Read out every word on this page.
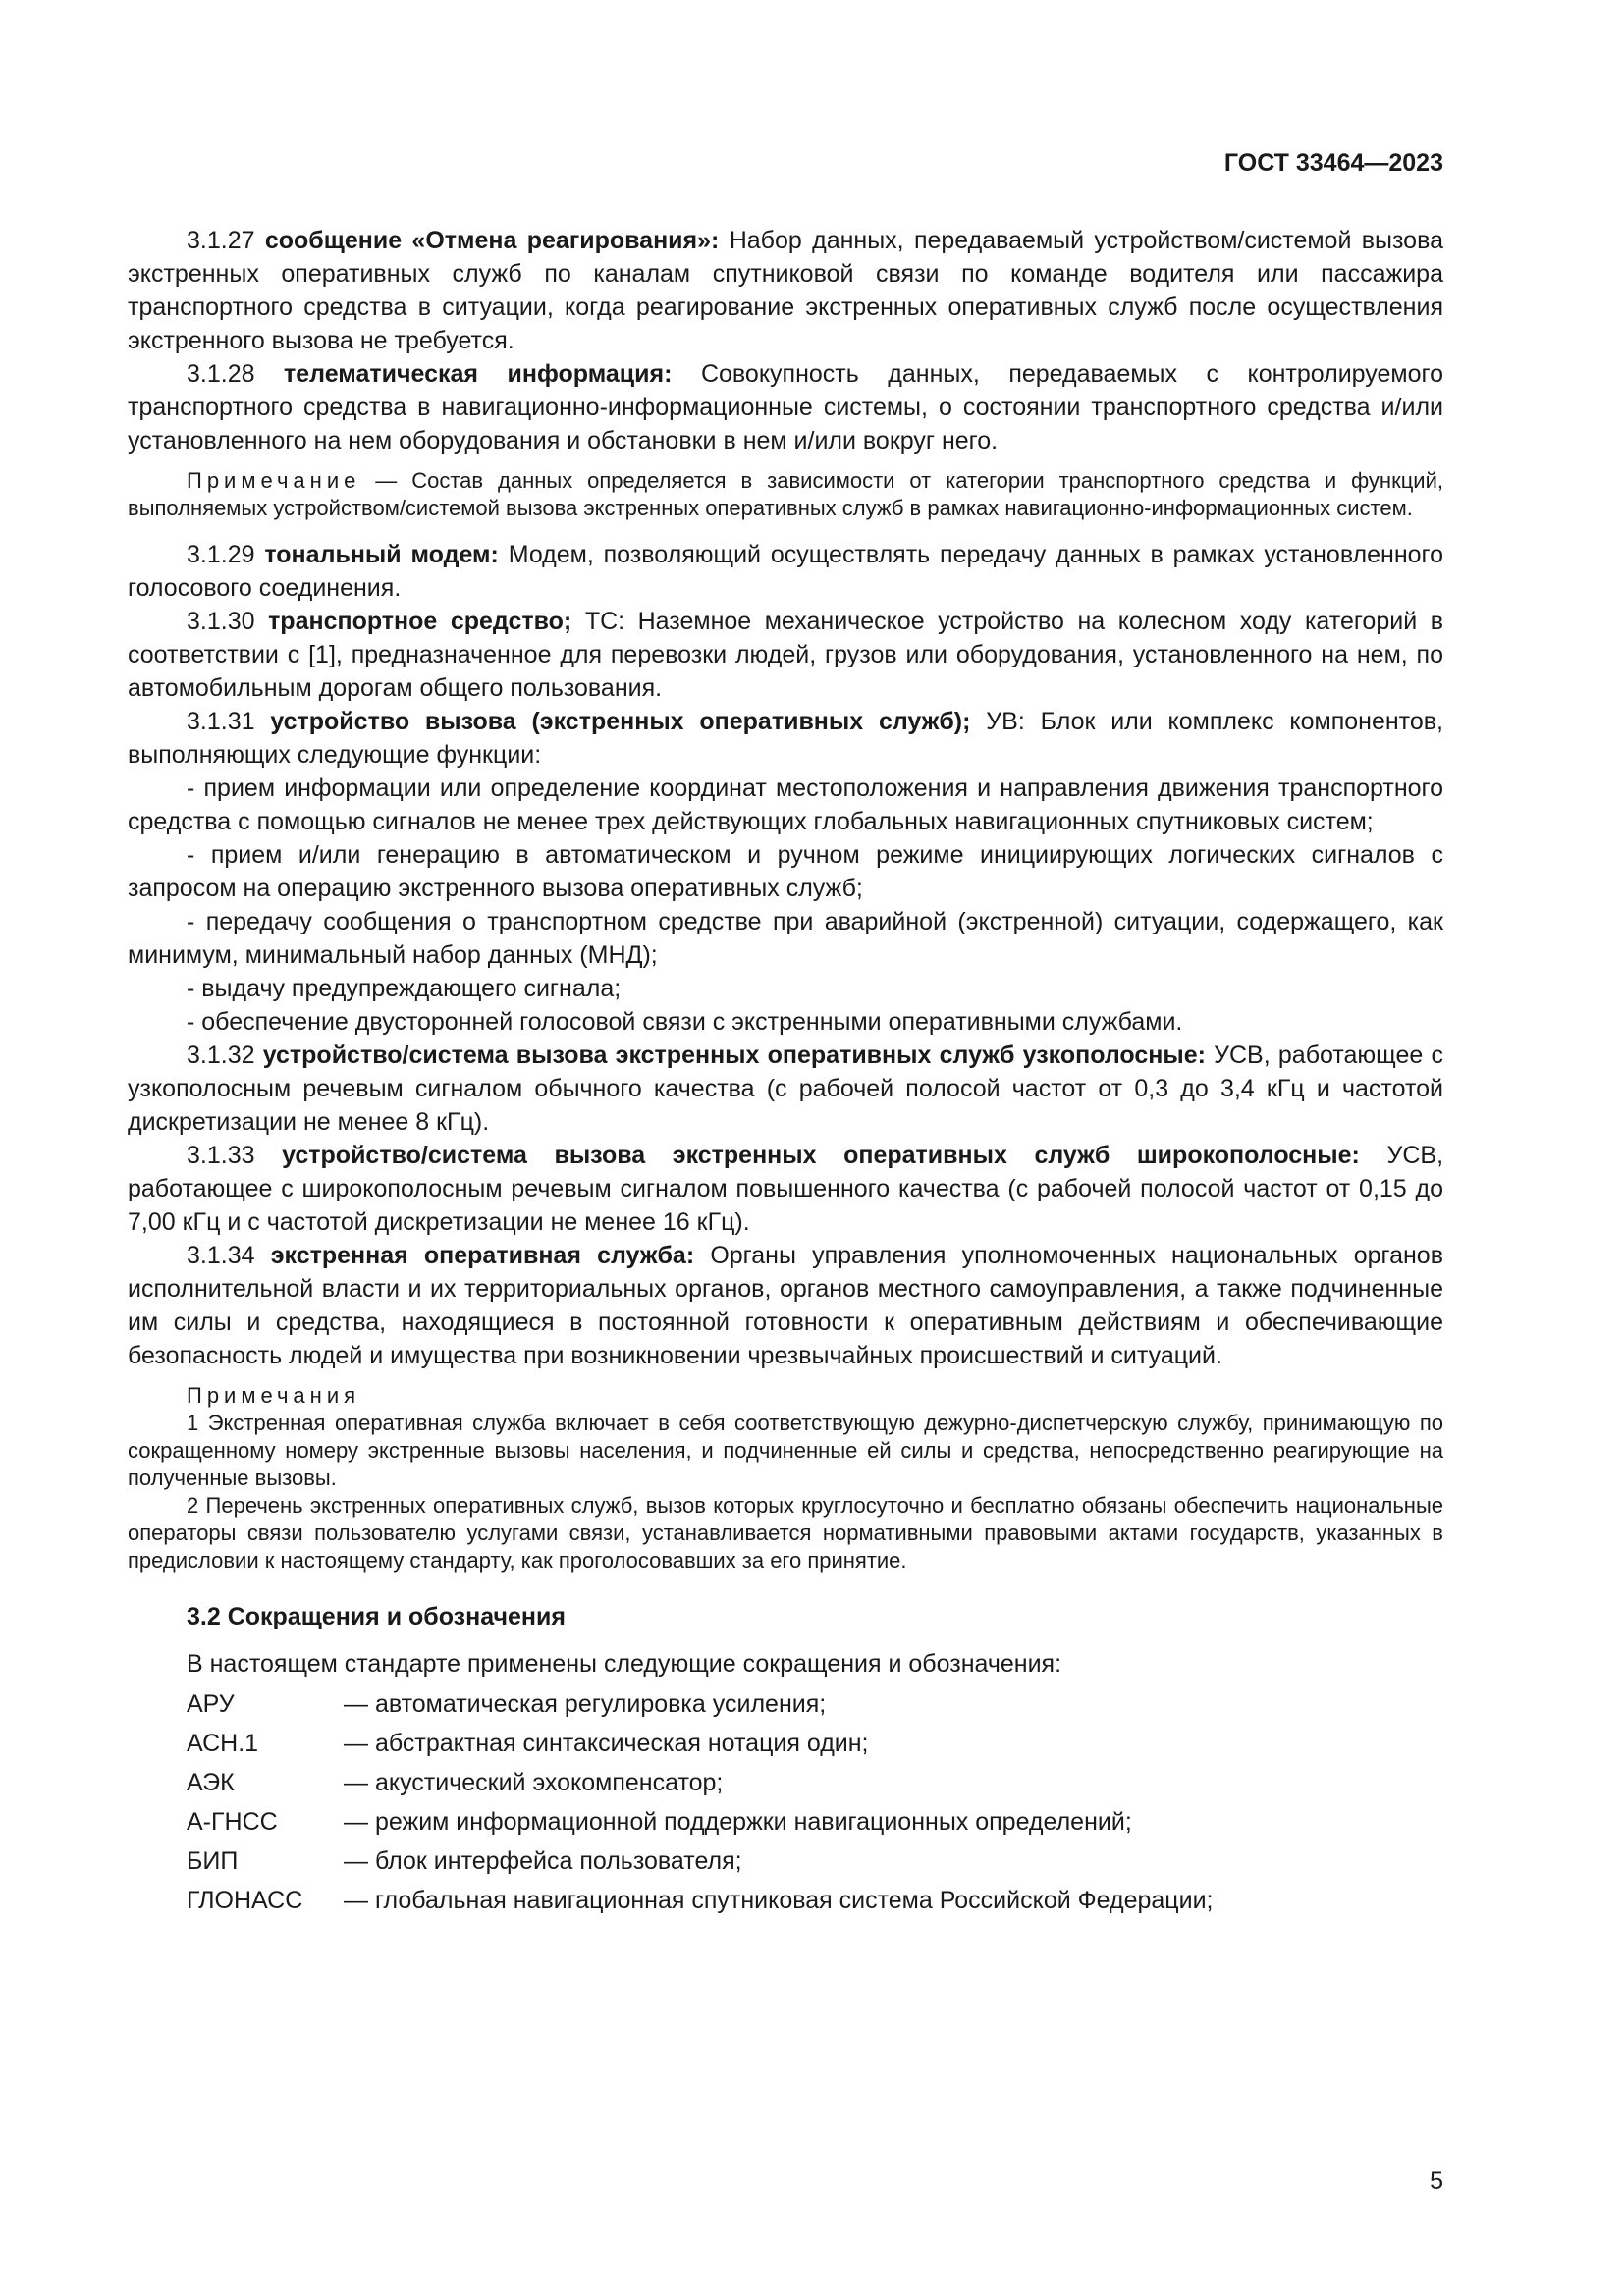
ГОСТ 33464—2023

3.1.27 сообщение «Отмена реагирования»: Набор данных, передаваемый устройством/системой вызова экстренных оперативных служб по каналам спутниковой связи по команде водителя или пассажира транспортного средства в ситуации, когда реагирование экстренных оперативных служб после осуществления экстренного вызова не требуется.

3.1.28 телематическая информация: Совокупность данных, передаваемых с контролируемого транспортного средства в навигационно-информационные системы, о состоянии транспортного средства и/или установленного на нем оборудования и обстановки в нем и/или вокруг него.

Примечание — Состав данных определяется в зависимости от категории транспортного средства и функций, выполняемых устройством/системой вызова экстренных оперативных служб в рамках навигационно-информационных систем.

3.1.29 тональный модем: Модем, позволяющий осуществлять передачу данных в рамках установленного голосового соединения.

3.1.30 транспортное средство; ТС: Наземное механическое устройство на колесном ходу категорий в соответствии с [1], предназначенное для перевозки людей, грузов или оборудования, установленного на нем, по автомобильным дорогам общего пользования.

3.1.31 устройство вызова (экстренных оперативных служб); УВ: Блок или комплекс компонентов, выполняющих следующие функции:

- прием информации или определение координат местоположения и направления движения транспортного средства с помощью сигналов не менее трех действующих глобальных навигационных спутниковых систем;

- прием и/или генерацию в автоматическом и ручном режиме инициирующих логических сигналов с запросом на операцию экстренного вызова оперативных служб;

- передачу сообщения о транспортном средстве при аварийной (экстренной) ситуации, содержащего, как минимум, минимальный набор данных (МНД);

- выдачу предупреждающего сигнала;

- обеспечение двусторонней голосовой связи с экстренными оперативными службами.

3.1.32 устройство/система вызова экстренных оперативных служб узкополосные: УСВ, работающее с узкополосным речевым сигналом обычного качества (с рабочей полосой частот от 0,3 до 3,4 кГц и частотой дискретизации не менее 8 кГц).

3.1.33 устройство/система вызова экстренных оперативных служб широкополосные: УСВ, работающее с широкополосным речевым сигналом повышенного качества (с рабочей полосой частот от 0,15 до 7,00 кГц и с частотой дискретизации не менее 16 кГц).

3.1.34 экстренная оперативная служба: Органы управления уполномоченных национальных органов исполнительной власти и их территориальных органов, органов местного самоуправления, а также подчиненные им силы и средства, находящиеся в постоянной готовности к оперативным действиям и обеспечивающие безопасность людей и имущества при возникновении чрезвычайных происшествий и ситуаций.

Примечания

1 Экстренная оперативная служба включает в себя соответствующую дежурно-диспетчерскую службу, принимающую по сокращенному номеру экстренные вызовы населения, и подчиненные ей силы и средства, непосредственно реагирующие на полученные вызовы.

2 Перечень экстренных оперативных служб, вызов которых круглосуточно и бесплатно обязаны обеспечить национальные операторы связи пользователю услугами связи, устанавливается нормативными правовыми актами государств, указанных в предисловии к настоящему стандарту, как проголосовавших за его принятие.

3.2 Сокращения и обозначения

В настоящем стандарте применены следующие сокращения и обозначения:

АРУ	— автоматическая регулировка усиления;
АСН.1	— абстрактная синтаксическая нотация один;
АЭК	— акустический эхокомпенсатор;
А-ГНСС	— режим информационной поддержки навигационных определений;
БИП	— блок интерфейса пользователя;
ГЛОНАСС	— глобальная навигационная спутниковая система Российской Федерации;
5
